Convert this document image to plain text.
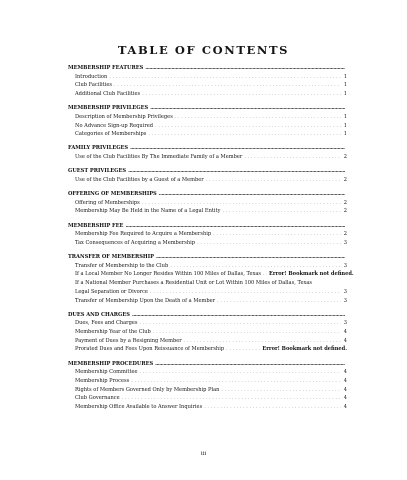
TABLE OF CONTENTS
MEMBERSHIP FEATURES
.....
Introduction . . .	1
Club Facilities . . .	1
Additional Club Facilities . . .	1
MEMBERSHIP PRIVILEGES
.....
Description of Membership Privileges . . .	1
No Advance Sign-up Required . . .	1
Categories of Memberships . . .	1
FAMILY PRIVILEGES
.....
Use of the Club Facilities By The Immediate Family of a Member . . .	2
GUEST PRIVILEGES
.....
Use of the Club Facilities by a Guest of a Member . . .	2
OFFERING OF MEMBERSHIPS
.....
Offering of Memberships . . .	2
Membership May Be Held in the Name of a Legal Entity . . .	2
MEMBERSHIP FEE
.....
Membership Fee Required to Acquire a Membership . . .	2
Tax Consequences of Acquiring a Membership . . .	3
TRANSFER OF MEMBERSHIP
.....
Transfer of Membership to the Club . . .	3
If a Local Member No Longer Resides Within 100 Miles of Dallas, Texas . . . Error! Bookmark not defined.
If a National Member Purchases a Residential Unit or Lot Within 100 Miles of Dallas, Texas
Legal Separation or Divorce . . .	3
Transfer of Membership Upon the Death of a Member . . .	3
DUES AND CHARGES
.....
Dues, Fees and Charges . . .	3
Membership Year of the Club . . .	4
Payment of Dues by a Resigning Member . . .	4
Prorated Dues and Fees Upon Reissuance of Membership . . .	Error! Bookmark not defined.
MEMBERSHIP PROCEDURES
.....
Membership Committee . . .	4
Membership Process . . .	4
Rights of Members Governed Only by Membership Plan . . .	4
Club Governance . . .	4
Membership Office Available to Answer Inquiries . . .	4
iii
